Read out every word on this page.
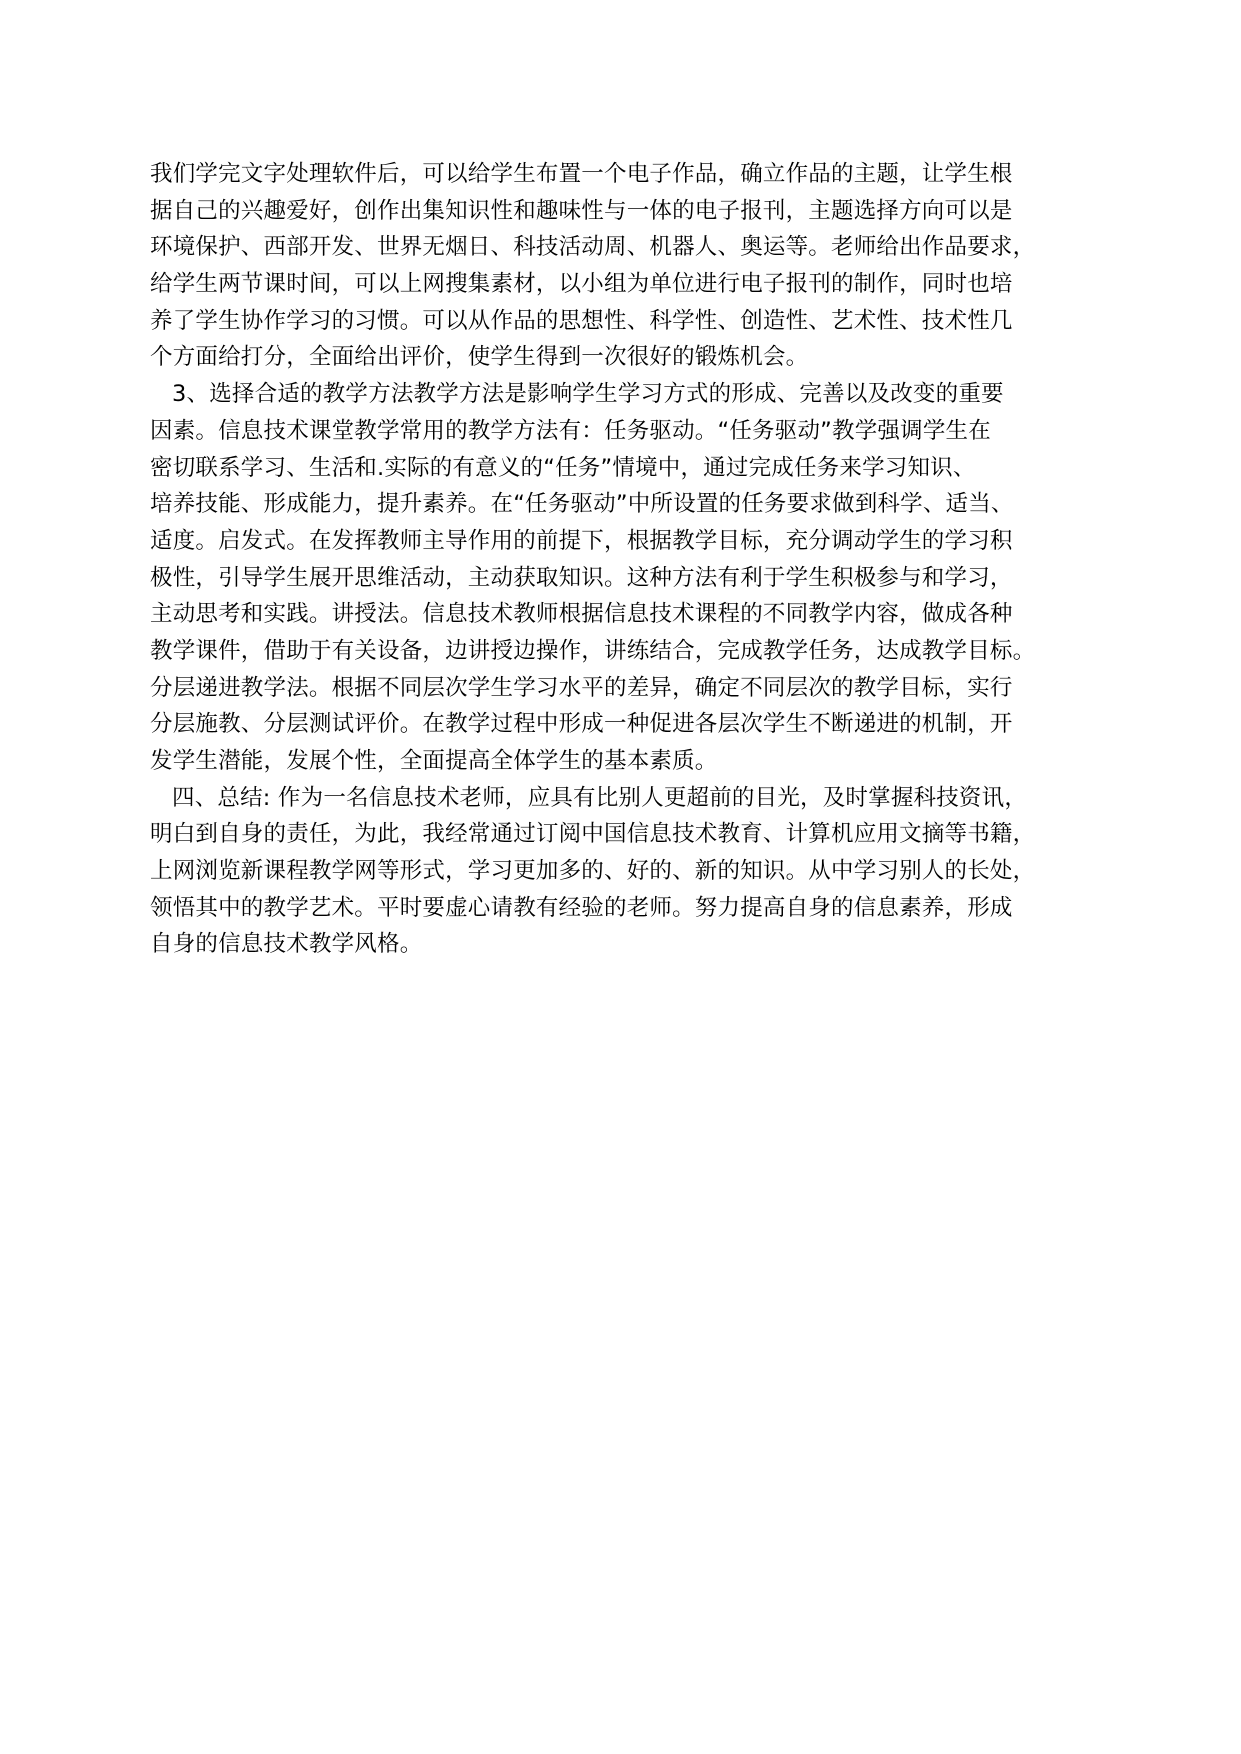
我们学完文字处理软件后，可以给学生布置一个电子作品，确立作品的主题，让学生根
据自己的兴趣爱好，创作出集知识性和趣味性与一体的电子报刊，主题选择方向可以是
环境保护、西部开发、世界无烟日、科技活动周、机器人、奥运等。老师给出作品要求，
给学生两节课时间，可以上网搜集素材，以小组为单位进行电子报刊的制作，同时也培
养了学生协作学习的习惯。可以从作品的思想性、科学性、创造性、艺术性、技术性几
个方面给打分，全面给出评价，使学生得到一次很好的锻炼机会。
3、选择合适的教学方法教学方法是影响学生学习方式的形成、完善以及改变的重要
因素。信息技术课堂教学常用的教学方法有：任务驱动。“任务驱动”教学强调学生在
密切联系学习、生活和.实际的有意义的“任务”情境中，通过完成任务来学习知识、
培养技能、形成能力，提升素养。在“任务驱动”中所设置的任务要求做到科学、适当、
适度。启发式。在发挥教师主导作用的前提下，根据教学目标，充分调动学生的学习积
极性，引导学生展开思维活动，主动获取知识。这种方法有利于学生积极参与和学习，
主动思考和实践。讲授法。信息技术教师根据信息技术课程的不同教学内容，做成各种
教学课件，借助于有关设备，边讲授边操作，讲练结合，完成教学任务，达成教学目标。
分层递进教学法。根据不同层次学生学习水平的差异，确定不同层次的教学目标，实行
分层施教、分层测试评价。在教学过程中形成一种促进各层次学生不断递进的机制，开
发学生潜能，发展个性，全面提高全体学生的基本素质。
四、总结: 作为一名信息技术老师，应具有比别人更超前的目光，及时掌握科技资讯，
明白到自身的责任，为此，我经常通过订阅中国信息技术教育、计算机应用文摘等书籍，
上网浏览新课程教学网等形式，学习更加多的、好的、新的知识。从中学习别人的长处，
领悟其中的教学艺术。平时要虚心请教有经验的老师。努力提高自身的信息素养，形成
自身的信息技术教学风格。
